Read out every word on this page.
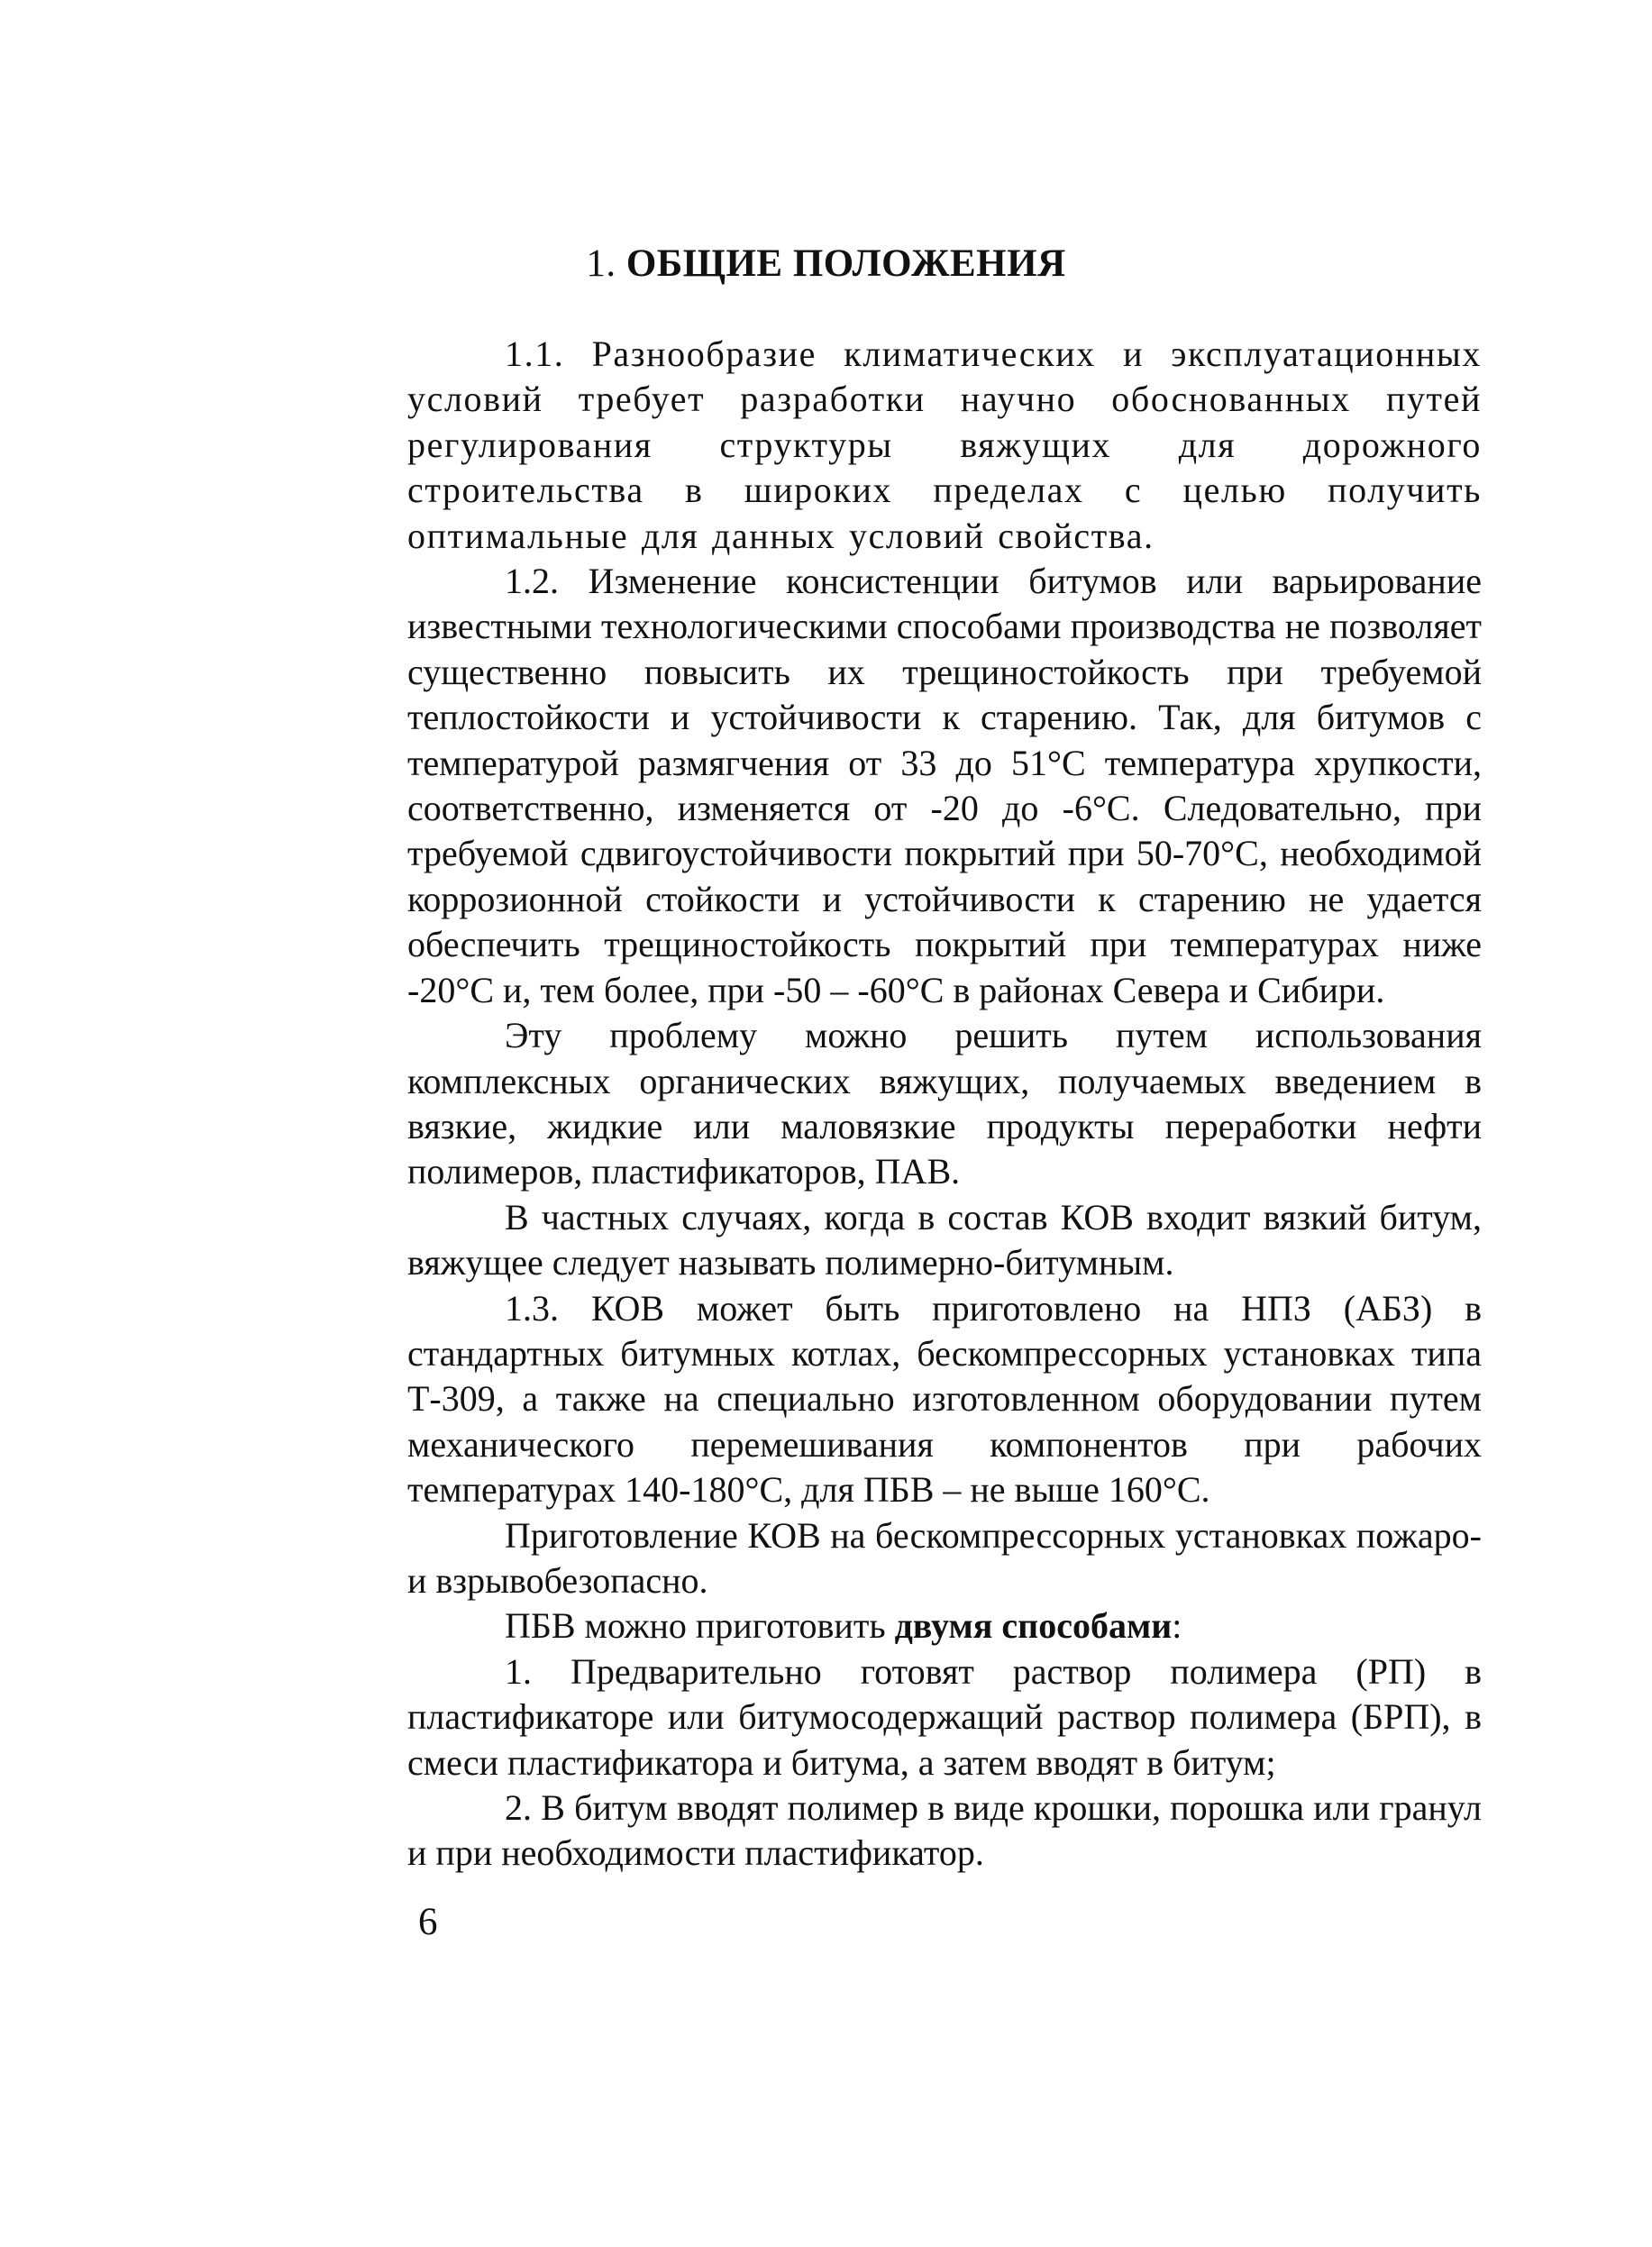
1. ОБЩИЕ ПОЛОЖЕНИЯ

1.1. Разнообразие климатических и эксплуатационных условий требует разработки научно обоснованных путей регулирования структуры вяжущих для дорожного строительства в широких пределах с целью получить оптимальные для данных условий свойства.

1.2. Изменение консистенции битумов или варьирование известными технологическими способами производства не позволяет существенно повысить их трещиностойкость при требуемой теплостойкости и устойчивости к старению. Так, для битумов с температурой размягчения от 33 до 51°С температура хрупкости, соответственно, изменяется от -20 до -6°С. Следовательно, при требуемой сдвигоустойчивости покрытий при 50-70°С, необходимой коррозионной стойкости и устойчивости к старению не удается обеспечить трещиностойкость покрытий при температурах ниже -20°С и, тем более, при -50 – -60°С в районах Севера и Сибири.

Эту проблему можно решить путем использования комплексных органических вяжущих, получаемых введением в вязкие, жидкие или маловязкие продукты переработки нефти полимеров, пластификаторов, ПАВ.

В частных случаях, когда в состав КОВ входит вязкий битум, вяжущее следует называть полимерно-битумным.

1.3. КОВ может быть приготовлено на НПЗ (АБЗ) в стандартных битумных котлах, бескомпрессорных установках типа Т-309, а также на специально изготовленном оборудовании путем механического перемешивания компонентов при рабочих температурах 140-180°С, для ПБВ – не выше 160°С.

Приготовление КОВ на бескомпрессорных установках пожаро- и взрывобезопасно.

ПБВ можно приготовить двумя способами:

1. Предварительно готовят раствор полимера (РП) в пластификаторе или битумосодержащий раствор полимера (БРП), в смеси пластификатора и битума, а затем вводят в битум;

2. В битум вводят полимер в виде крошки, порошка или гранул и при необходимости пластификатор.

6
